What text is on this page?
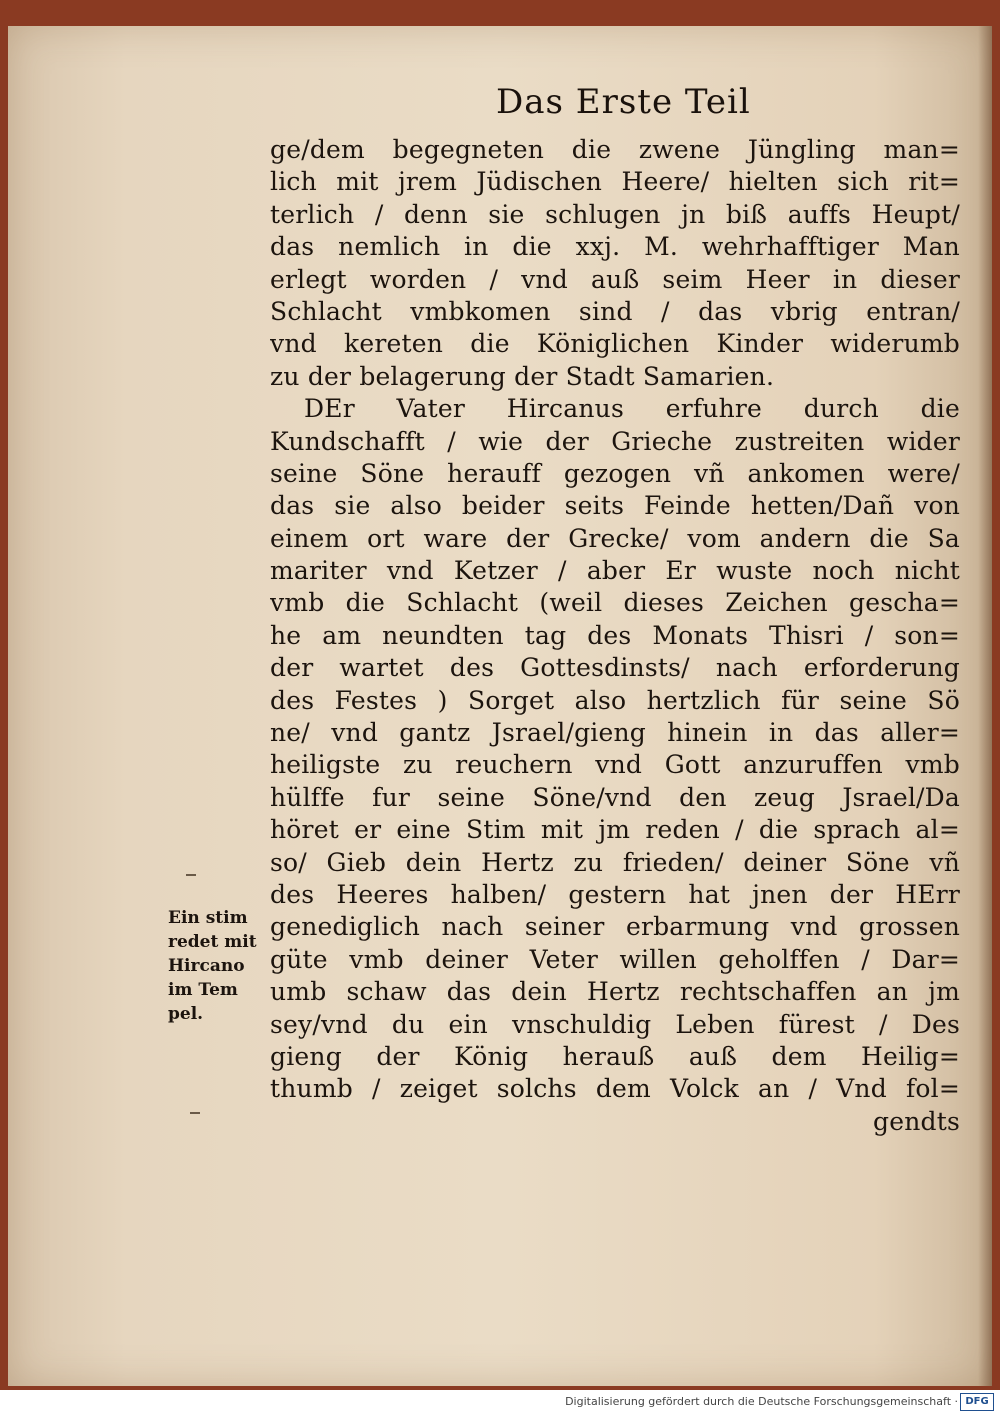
Das Erste Teil
ge/dem begegneten die zwene Jüngling man=
lich mit jrem Jüdischen Heere/ hielten sich rit=
terlich / denn sie schlugen jn biß auffs Heupt/
das nemlich in die xxj. M. wehrhafftiger Man
erlegt worden / vnd auß seim Heer in dieser
Schlacht vmbkomen sind / das vbrig entran/
vnd kereten die Königlichen Kinder widerumb
zu der belagerung der Stadt Samarien.
DEr Vater Hircanus erfuhre durch die
Kundschafft / wie der Grieche zustreiten wider
seine Söne herauff gezogen vñ ankomen were/
das sie also beider seits Feinde hetten/Dañ von
einem ort ware der Grecke/ vom andern die Sa
mariter vnd Ketzer / aber Er wuste noch nicht
vmb die Schlacht (weil dieses Zeichen gescha=
he am neundten tag des Monats Thisri / son=
der wartet des Gottesdinsts/ nach erforderung
des Festes ) Sorget also hertzlich für seine Sö
ne/ vnd gantz Jsrael/gieng hinein in das aller=
heiligste zu reuchern vnd Gott anzuruffen vmb
hülffe fur seine Söne/vnd den zeug Jsrael/Da
höret er eine Stim mit jm reden / die sprach al=
so/ Gieb dein Hertz zu frieden/ deiner Söne vñ
des Heeres halben/ gestern hat jnen der HErr
genediglich nach seiner erbarmung vnd grossen
güte vmb deiner Veter willen geholffen / Dar=
umb schaw das dein Hertz rechtschaffen an jm
sey/vnd du ein vnschuldig Leben fürest / Des
gieng der König herauß auß dem Heilig=
thumb / zeiget solchs dem Volck an / Vnd fol=
gendts
Ein stim
redet mit
Hircano
im Tem
pel.
Digitalisierung gefördert durch die Deutsche Forschungsgemeinschaft · DFG
